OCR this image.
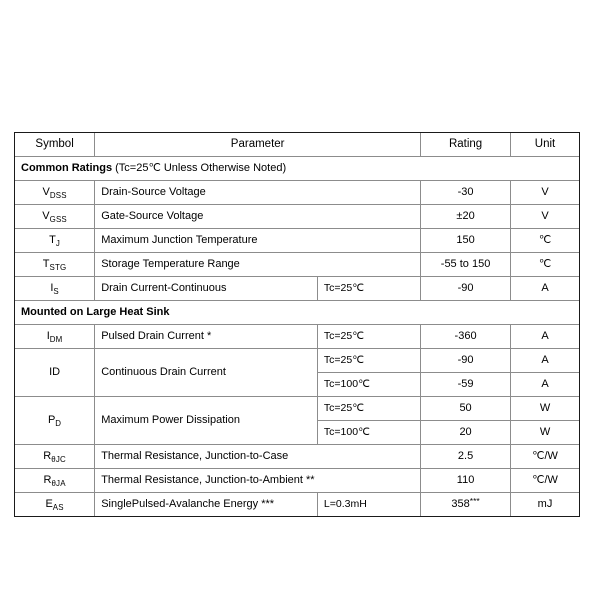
Symbol	Parameter		Rating	Unit
Common Ratings (Tc=25℃ Unless Otherwise Noted)				
$V_{DSS}$	Drain-Source Voltage		-30	V
$V_{GSS}$	Gate-Source Voltage		±20	V
$T_J$	Maximum Junction Temperature		150	℃
$T_{STG}$	Storage Temperature Range		-55 to 150	℃
$I_S$	Drain Current-Continuous	Tc=25℃	-90	A
Mounted on Large Heat Sink				
$I_{DM}$	Pulsed Drain Current *	Tc=25℃	-360	A
ID	Continuous Drain Current	Tc=25℃	-90	A
		Tc=100℃	-59	A
$P_D$	Maximum Power Dissipation	Tc=25℃	50	W
		Tc=100℃	20	W
$R_{\theta JC}$	Thermal Resistance, Junction-to-Case		2.5	℃/W
$R_{\theta JA}$	Thermal Resistance, Junction-to-Ambient **		110	℃/W
$E_{AS}$	SinglePulsed-Avalanche Energy ***	L=0.3mH	358***	mJ
